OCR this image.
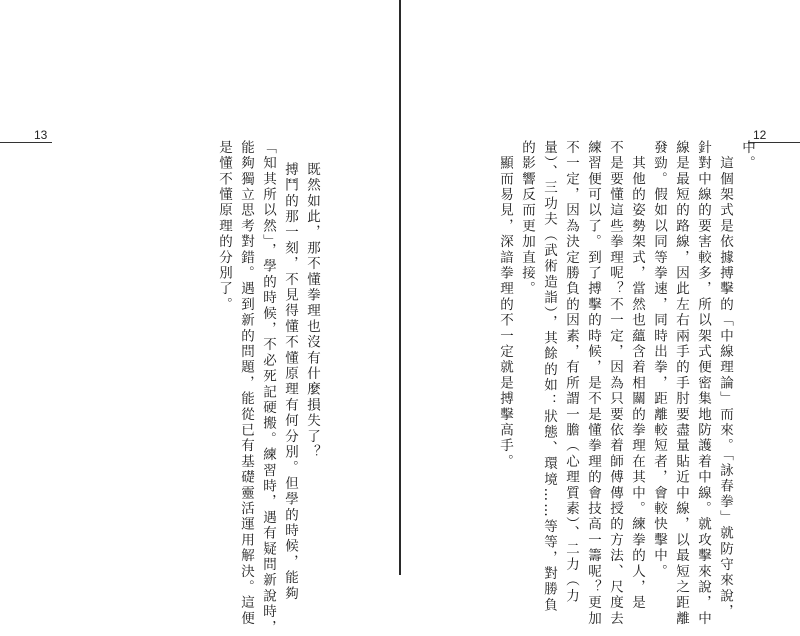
13
既然如此，那不懂拳理也沒有什麼損失了？
搏鬥的那一刻，不見得懂不懂原理有何分別。但學的時候，能夠
「知其所以然」，學的時候，不必死記硬搬。練習時，遇有疑問新說時，
能夠獨立思考對錯。遇到新的問題，能從已有基礎靈活運用解決。這便
是懂不懂原理的分別了。
12
中。
　這個架式是依據搏擊的「中線理論」而來。「詠春拳」就防守來說，
針對中線的要害較多，所以架式便密集地防護着中線。就攻擊來說，中
線是最短的路線，因此左右兩手的手肘要盡量貼近中線，以最短之距離
發勁。假如以同等拳速，同時出拳，距離較短者，會較快擊中。
　其他的姿勢架式，當然也蘊含着相關的拳理在其中。練拳的人，是
不是要懂這些拳理呢？不一定，因為只要依着師傅傳授的方法、尺度去
練習便可以了。到了搏擊的時候，是不是懂拳理的會技高一籌呢？更加
不一定，因為決定勝負的因素，有所謂一膽（心理質素）、二力（力
量）、三功夫（武術造詣），其餘的如：狀態、環境……等等，對勝負
的影響反而更加直接。
　顯而易見，深諳拳理的不一定就是搏擊高手。
